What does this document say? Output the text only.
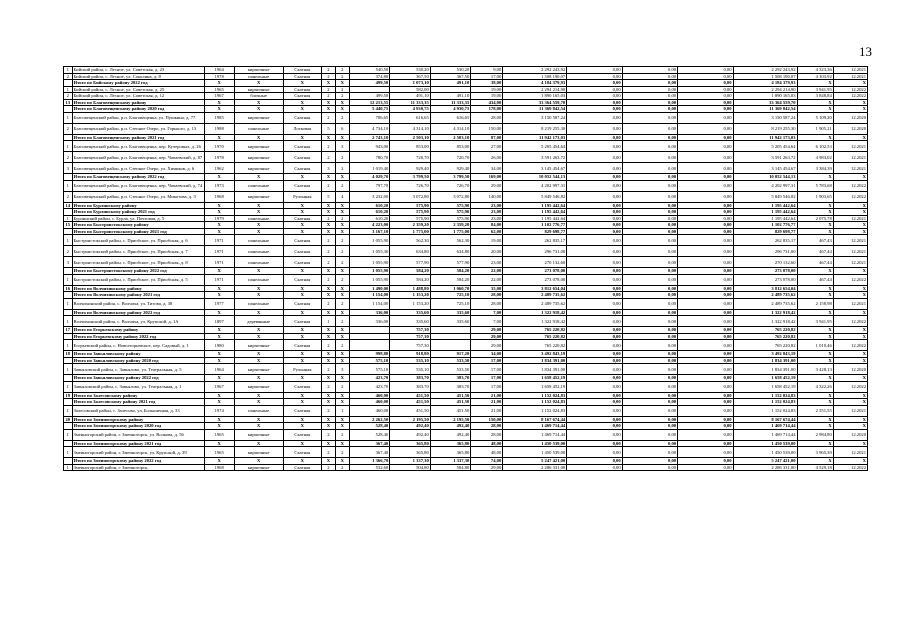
13
1	Бийский район, с. Лесное, ул. Советская, д. 23	1964	кирпичные	Скатная	2	2	540,50	530,20	530,20	9,00	2 292 243,92	0,00	0,00	0,00	2 292 243,92	4 323,36	12.2021
2	Бийский район, с. Лесное, ул. Соколина, д. 8	1978	панельные	Скатная	2	2	374,80	367,50	367,50	17,00	1 508 190,07	0,00	0,00	0,00	1 508 190,07	4 103,92	12.2021
	Итого по Бийскому району 2022 год	X	X	X	X	X	499,50	1 073,10	491,10	38,00	4 184 379,93	0,00	0,00	0,00	4 184 379,93	X	X
1	Бийский район, с. Лесное, ул. Советская, д. 25	1965	кирпичные	Скатная	2	2		582,00		19,00	2 294 214,90	0,00	0,00	0,00	2 294 214,90	3 941,95	12.2022
2	Бийский район, с. Лесное, ул. Советская, д. 12	1967	блочные	Скатная	2	2	499,50	491,10	491,10	19,00	1 890 165,03	0,00	0,00	0,00	1 890 165,03	3 848,84	12.2022
13	Итого по Благовещенскому району	X	X	X	X	X	12 213,55	11 333,35	11 333,35	434,00	33 364 559,70	0,00	0,00	0,00	33 364 559,70	X	X
	Итого по Благовещенскому району 2020 год	X	X	X	X	X	5 440,75	4 930,75	4 930,75	178,00	11 369 842,54	0,00	0,00	0,00	11 369 842,54	X	X
1	Благовещенский район, р.п. Благовещенка, ул. Пушкина, д. 77	1985	кирпичные	Скатная	2	2	706,65	616,65	616,65	28,00	3 150 587,24	0,00	0,00	0,00	3 150 587,24	5 109,20	12.2020
2	Благовещенский район, р.п. Степное Озеро, ул. Горького, д. 13	1988	панельные	Лотковая	5	6	4 734,10	4 314,10	4 314,10	150,00	8 219 255,30	0,00	0,00	0,00	8 219 255,30	1 905,21	12.2020
	Итого по Благовещенскому району 2021 год	X	X	X	X	X	2 743,10	2 503,10	2 503,10	87,00	11 942 173,03	0,00	0,00	0,00	11 942 173,03	X	X
1	Благовещенский район, р.п. Благовещенка, пер. Кучеровых, д. 26	1970	кирпичные	Скатная	2	3	943,00	853,00	853,00	27,00	5 205 454,64	0,00	0,00	0,00	5 205 454,64	6 102,53	12.2021
2	Благовещенский район, р.п. Благовещенка, пер. Чапаевский, д. 87	1978	кирпичные	Скатная	2	2	780,70	720,70	720,70	26,00	3 591 263,72	0,00	0,00	0,00	3 591 263,72	4 983,02	12.2021
3	Благовещенский район, р.п. Степное Озеро, ул. Химиков, д. 6	1962	кирпичные	Скатная	3	2	1 019,40	929,40	929,40	34,00	3 145 454,67	0,00	0,00	0,00	3 145 454,67	3 384,39	12.2021
	Итого по Благовещенскому району 2022 год	X	X	X	X	X	4 029,70	3 799,50	3 799,50	169,00	10 052 544,13	0,00	0,00	0,00	10 052 544,13	X	X
1	Благовещенский район, р.п. Благовещенка, пер. Чапаевский, д. 74	1973	панельные	Скатная	2	2	797,70	726,70	726,70	29,00	4 202 997,31	0,00	0,00	0,00	4 202 997,31	5 783,68	12.2022
2	Благовещенский район, р.п. Степное Озеро, ул. Микотова, д. 3	1968	кирпичные	Рулонная	5	4	3 232,00	3 072,80	3 072,80	140,00	5 849 546,82	0,00	0,00	0,00	5 849 546,82	1 903,65	12.2022
14	Итого по Бурлинскому району	X	X	X	X	X	610,20	575,90	575,90	23,00	1 195 442,64	0,00	0,00	0,00	1 195 442,64	X	X
	Итого по Бурлинскому району 2021 год	X	X	X	X	X	610,20	575,90	575,90	23,00	1 195 442,64	0,00	0,00	0,00	1 195 442,64	X	X
1	Бурлинский район, с. Бурла, ул. Почтовая, д. 5	1979	панельные	Скатная	2	2	610,20	575,90	575,90	23,00	1 195 442,64	0,00	0,00	0,00	1 195 442,64	2 075,78	12.2021
15	Итого по Быстроистокскому району	X	X	X	X	X	4 223,00	2 359,20	2 359,20	84,00	1 102 776,77	0,00	0,00	0,00	1 102 776,77	X	X
	Итого по Быстроистокскому району 2021 год	X	X	X	X	X	3 167,10	1 775,00	1 775,00	62,00	829 698,77	0,00	0,00	0,00	829 698,77	X	X
1	Быстроистокский район, с. Приобское, ул. Приобская, д. 6	1971	панельные	Скатная	2	2	1 055,90	562,30	562,30	19,00	262 835,17	0,00	0,00	0,00	262 835,17	467,43	12.2021
2	Быстроистокский район, с. Приобское, ул. Приобская, д. 7	1971	панельные	Скатная	2	2	1 055,30	634,80	634,80	20,00	296 731,00	0,00	0,00	0,00	296 731,00	467,44	12.2021
3	Быстроистокский район, с. Приобское, ул. Приобская, д. 8	1971	панельные	Скатная	2	2	1 055,90	577,90	577,90	23,00	270 132,60	0,00	0,00	0,00	270 132,60	467,44	12.2021
	Итого по Быстроистокскому району 2022 год	X	X	X	X	X	1 055,90	584,20	584,20	22,00	273 078,00	0,00	0,00	0,00	273 078,00	X	X
1	Быстроистокский район, с. Приобское, ул. Приобская, д. 5	1971	панельные	Скатная	2	2	1 055,90	584,20	584,20	22,00	273 078,00	0,00	0,00	0,00	273 078,00	467,44	12.2022
16	Итого по Волчихинскому району	X	X	X	X	X	1 490,00	1 488,80	1 060,70	35,00	3 812 654,04	0,00	0,00	0,00	3 812 654,04	X	X
	Итого по Волчихинскому району 2021 год	X	X	X	X	X	1 154,00	1 153,20	725,10	28,00	2 489 735,62	0,00	0,00	0,00	2 489 735,62	X	X
1	Волчихинский район, с. Волчиха, ул. Титова, д. 38	1977	панельные	Скатная	2	2	1 154,00	1 153,20	725,10	28,00	2 489 735,62	0,00	0,00	0,00	2 489 735,62	2 158,98	12.2021
	Итого по Волчихинскому району 2022 год	X	X	X	X	X	336,00	335,60	335,60	7,00	1 322 918,42	0,00	0,00	0,00	1 322 918,42	X	X
1	Волчихинский район, с. Волчиха, ул. Крупской, д. 1А	1897	деревянные	Скатная	1	2	336,00	335,60	335,60	7,00	1 322 918,42	0,00	0,00	0,00	1 322 918,42	3 941,95	12.2022
17	Итого по Егорьевскому району	X	X	X	X	X		757,30		29,00	765 220,82	0,00	0,00	0,00	765 220,82	X	X
	Итого по Егорьевскому району 2022 год	X	X	X	X	X		757,30		29,00	765 220,82	0,00	0,00	0,00	765 220,82	X	X
1	Егорьевский район, с. Новоегорьевское, пер. Садовый, д. 1	1980	кирпичные	Скатная	2	2		757,30		29,00	765 220,82	0,00	0,00	0,00	765 220,82	1 010,46	12.2022
18	Итого по Завьяловскому району	X	X	X	X	X	998,80	918,80	917,20	34,00	3 492 843,19	0,00	0,00	0,00	3 492 843,19	X	X
	Итого по Завьяловскому району 2020 год	X	X	X	X	X	575,10	535,10	533,50	17,00	1 834 391,00	0,00	0,00	0,00	1 834 391,00	X	X
1	Завьяловский район, с. Завьялово, ул. Театральная, д. 5	1964	кирпичные	Рулонная	2	3	575,10	535,10	533,50	17,00	1 834 391,00	0,00	0,00	0,00	1 834 391,00	3 428,13	12.2020
	Итого по Завьяловскому району 2022 год	X	X	X	X	X	423,70	383,70	383,70	17,00	1 658 452,19	0,00	0,00	0,00	1 658 452,19	X	X
1	Завьяловский район, с. Завьялово, ул. Театральная, д. 1	1967	кирпичные	Скатная	2	2	423,70	383,70	383,70	17,00	1 658 452,19	0,00	0,00	0,00	1 658 452,19	4 322,26	12.2022
19	Итого по Залесовскому району	X	X	X	X	X	460,00	451,50	451,50	21,00	1 152 024,83	0,00	0,00	0,00	1 152 024,83	X	X
	Итого по Залесовскому району 2021 год	X	X	X	X	X	460,00	451,50	451,50	21,00	1 152 024,83	0,00	0,00	0,00	1 152 024,83	X	X
1	Залесовский район, с. Залесово, ул. Большичная, д. 33	1974	панельные	Скатная	2	1	460,00	451,50	451,50	21,00	1 152 024,83	0,00	0,00	0,00	1 152 024,83	2 551,55	12.2021
20	Итого по Змеиногорскому району	X	X	X	X	X	2 262,50	2 195,50	2 195,50	150,00	8 167 674,44	0,00	0,00	0,00	8 167 674,44	X	X
	Итого по Змеиногорскому району 2020 год	X	X	X	X	X	528,40	492,40	492,40	28,00	1 469 714,44	0,00	0,00	0,00	1 469 714,44	X	X
1	Змеиногорский район, г. Змеиногорск, ул. Волкова, д. 56	1965	кирпичные	Скатная	2	2	528,40	492,40	492,40	28,00	1 469 714,44	0,00	0,00	0,00	1 469 714,44	2 984,80	12.2020
	Итого по Змеиногорскому району 2021 год	X	X	X	X	X	367,40	365,80	365,80	48,00	1 450 539,00	0,00	0,00	0,00	1 450 539,00	X	X
1	Змеиногорский район, г. Змеиногорск, ул. Крупской, д. 39	1965	кирпичные	Скатная	2	2	367,40	365,80	365,80	48,00	1 450 539,00	0,00	0,00	0,00	1 450 539,00	3 965,39	12.2021
	Итого по Змеиногорскому району 2022 год	X	X	X	X	X	1 366,70	1 337,30	1 337,30	74,00	5 247 421,00	0,00	0,00	0,00	5 247 421,00	X	X
1	Змеиногорский район, г. Змеиногорск,	1968	кирпичные	Скатная	2	2	532,60	504,80	504,80	29,00	2 286 331,00	0,00	0,00	0,00	2 286 331,00	4 529,18	12.2022
